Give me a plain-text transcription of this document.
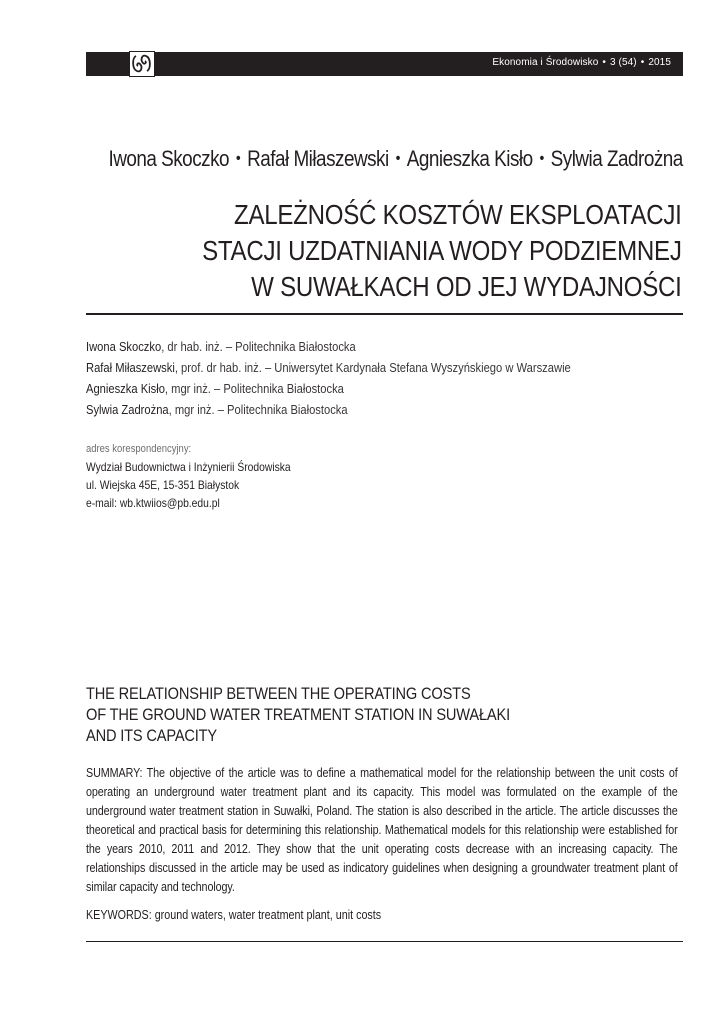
Ekonomia i Środowisko • 3 (54) • 2015
Iwona Skoczko • Rafał Miłaszewski • Agnieszka Kisło • Sylwia Zadrożna
ZALEŻNOŚĆ KOSZTÓW EKSPLOATACJI
STACJI UZDATNIANIA WODY PODZIEMNEJ
W SUWAŁKACH OD JEJ WYDAJNOŚCI
Iwona Skoczko, dr hab. inż. – Politechnika Białostocka
Rafał Miłaszewski, prof. dr hab. inż. – Uniwersytet Kardynała Stefana Wyszyńskiego w Warszawie
Agnieszka Kisło, mgr inż. – Politechnika Białostocka
Sylwia Zadrożna, mgr inż. – Politechnika Białostocka
adres korespondencyjny:
Wydział Budownictwa i Inżynierii Środowiska
ul. Wiejska 45E, 15-351 Białystok
e-mail: wb.ktwiios@pb.edu.pl
THE RELATIONSHIP BETWEEN THE OPERATING COSTS
OF THE GROUND WATER TREATMENT STATION IN SUWAŁAKI
AND ITS CAPACITY
SUMMARY: The objective of the article was to define a mathematical model for the relationship between the unit costs of operating an underground water treatment plant and its capacity. This model was formulated on the example of the underground water treatment station in Suwałki, Poland. The station is also described in the article. The article discusses the theoretical and practical basis for determining this relationship. Mathematical models for this relationship were established for the years 2010, 2011 and 2012. They show that the unit operating costs decrease with an increasing capacity. The relationships discussed in the article may be used as indicatory guidelines when designing a groundwater treatment plant of similar capacity and technology.
KEYWORDS: ground waters, water treatment plant, unit costs
